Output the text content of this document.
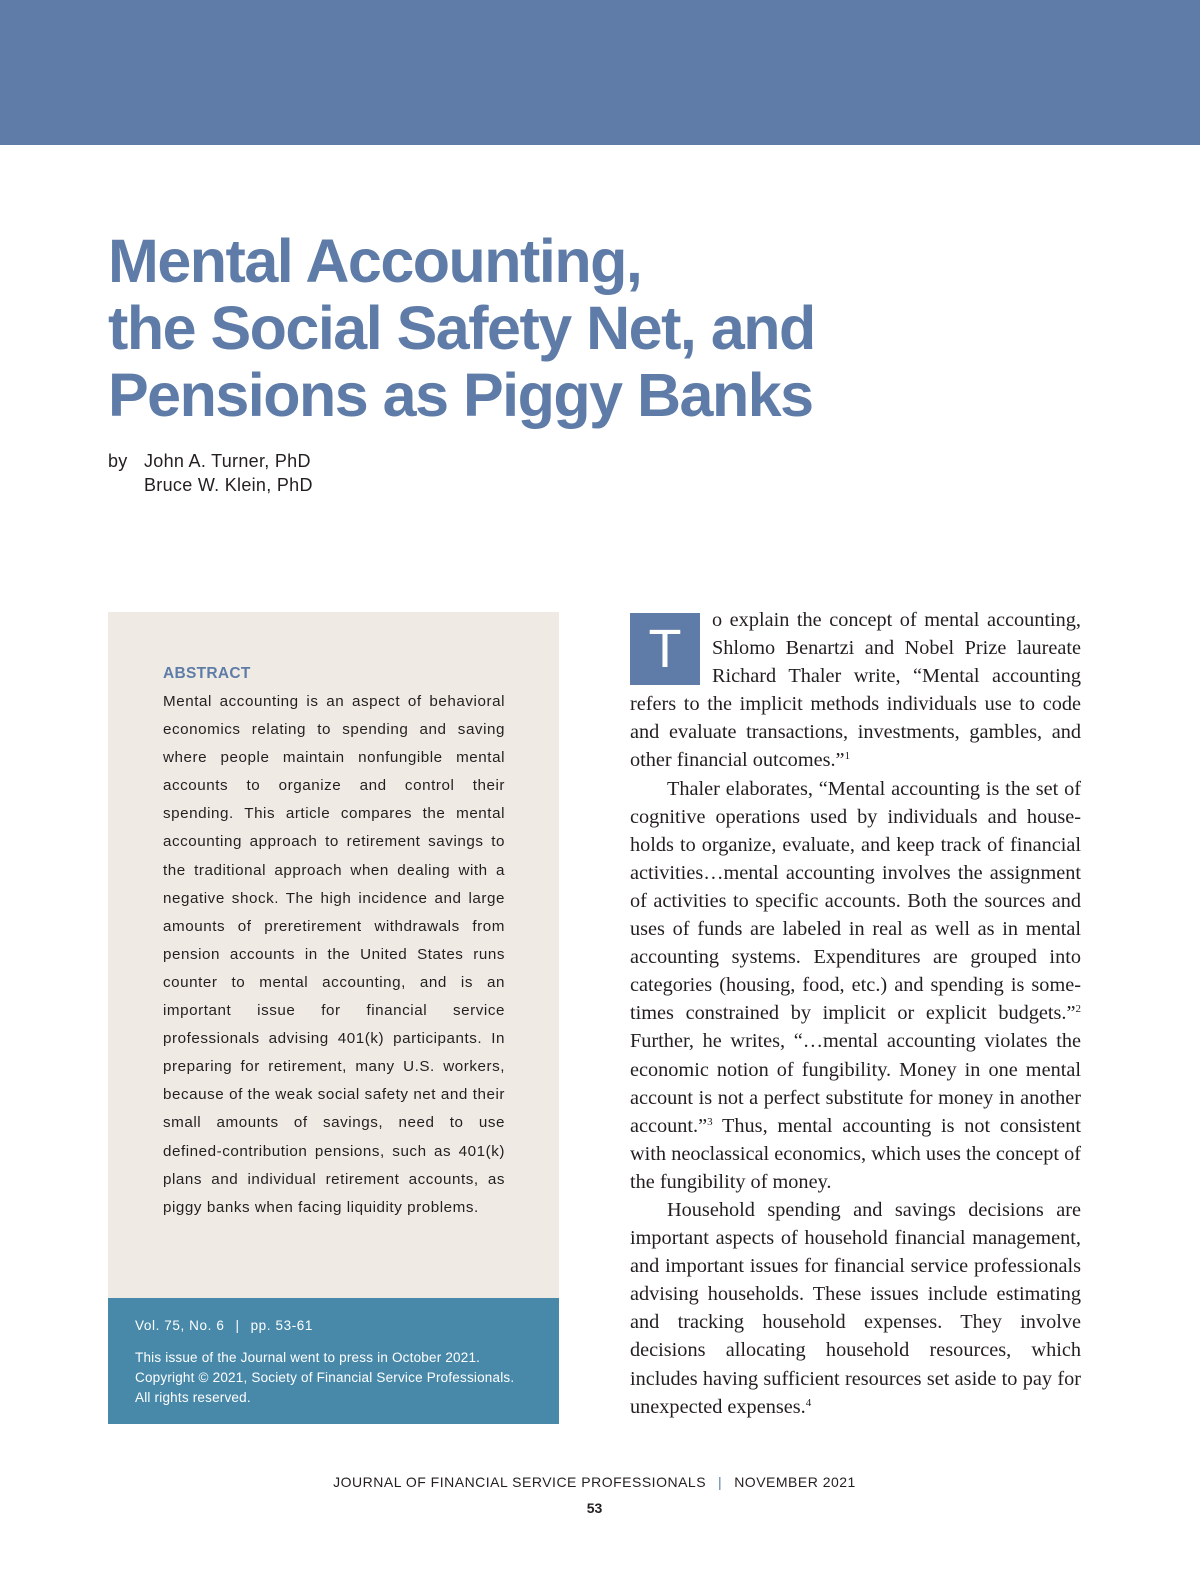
Mental Accounting,
the Social Safety Net, and
Pensions as Piggy Banks
by John A. Turner, PhD
Bruce W. Klein, PhD
ABSTRACT

Mental accounting is an aspect of behavioral economics relating to spending and saving where people maintain nonfungible mental accounts to organize and control their spending. This article compares the mental accounting approach to retirement savings to the traditional approach when dealing with a negative shock. The high incidence and large amounts of preretirement withdrawals from pension accounts in the United States runs counter to mental accounting, and is an important issue for financial service professionals advising 401(k) participants. In preparing for retirement, many U.S. workers, because of the weak social safety net and their small amounts of savings, need to use defined-contribution pensions, such as 401(k) plans and individual retirement accounts, as piggy banks when facing liquidity problems.

Vol. 75, No. 6 | pp. 53-61

This issue of the Journal went to press in October 2021.
Copyright © 2021, Society of Financial Service Professionals.
All rights reserved.

T	o explain the concept of mental accounting, Shlomo Benartzi and Nobel Prize laureate Richard Thaler write, “Mental accounting refers to the implicit methods individuals use to code and evaluate transactions, investments, gambles, and other financial outcomes.”$^1$

Thaler elaborates, “Mental accounting is the set of cognitive operations used by individuals and households to organize, evaluate, and keep track of financial activities…mental accounting involves the assignment of activities to specific accounts. Both the sources and uses of funds are labeled in real as well as in mental accounting systems. Expenditures are grouped into categories (housing, food, etc.) and spending is sometimes constrained by implicit or explicit budgets.”$^2$ Further, he writes, “…mental accounting violates the economic notion of fungibility. Money in one mental account is not a perfect substitute for money in another account.”$^3$ Thus, mental accounting is not consistent with neoclassical economics, which uses the concept of the fungibility of money.

Household spending and savings decisions are important aspects of household financial management, and important issues for financial service professionals advising households. These issues include estimating and tracking household expenses. They involve decisions allocating household resources, which includes having sufficient resources set aside to pay for unexpected expenses.$^4$

JOURNAL OF FINANCIAL SERVICE PROFESSIONALS | NOVEMBER 2021
53
